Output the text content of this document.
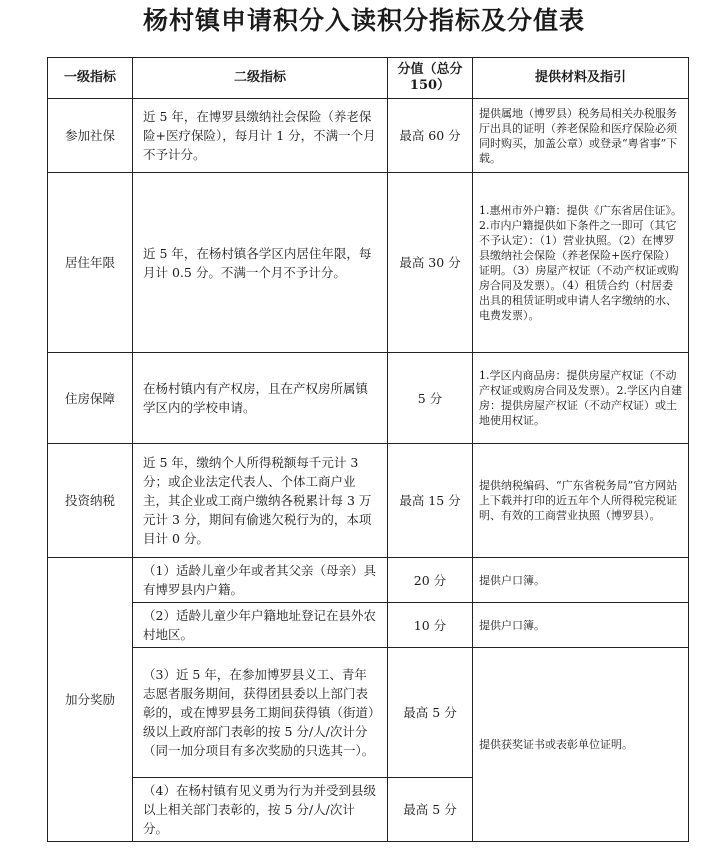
杨村镇申请积分入读积分指标及分值表
一级指标	二级指标	分值（总分 150）	提供材料及指引
参加社保	近 5 年，在博罗县缴纳社会保险（养老保险+医疗保险），每月计 1 分，不满一个月不予计分。	最高 60 分	提供属地（博罗县）税务局相关办税服务厅出具的证明（养老保险和医疗保险必须同时购买，加盖公章）或登录“粤省事”下载。

居住年限	近 5 年，在杨村镇各学区内居住年限，每月计 0.5 分。不满一个月不予计分。	最高 30 分	1.惠州市外户籍：提供《广东省居住证》。2.市内户籍提供如下条件之一即可（其它不予认定）：（1）营业执照。（2）在博罗县缴纳社会保险（养老保险+医疗保险）证明。（3）房屋产权证（不动产权证或购房合同及发票）。（4）租赁合约（村居委出具的租赁证明或申请人名字缴纳的水、电费发票）。

住房保障	在杨村镇内有产权房，且在产权房所属镇学区内的学校申请。	5 分	1.学区内商品房：提供房屋产权证（不动产权证或购房合同及发票）。2.学区内自建房：提供房屋产权证（不动产权证）或土地使用权证。

投资纳税	近 5 年，缴纳个人所得税额每千元计 3 分；或企业法定代表人、个体工商户业主，其企业或工商户缴纳各税累计每 3 万元计 3 分，期间有偷逃欠税行为的，本项目计 0 分。	最高 15 分	提供纳税编码、“广东省税务局”官方网站上下载并打印的近五年个人所得税完税证明、有效的工商营业执照（博罗县）。

加分奖励	（1）适龄儿童少年或者其父亲（母亲）具有博罗县内户籍。	20 分	提供户口簿。
	（2）适龄儿童少年户籍地址登记在县外农村地区。	10 分	提供户口簿。
	（3）近 5 年，在参加博罗县义工、青年志愿者服务期间，获得团县委以上部门表彰的，或在博罗县务工期间获得镇（街道）级以上政府部门表彰的按 5 分/人/次计分（同一加分项目有多次奖励的只选其一）。	最高 5 分	提供获奖证书或表彰单位证明。
	（4）在杨村镇有见义勇为行为并受到县级以上相关部门表彰的，按 5 分/人/次计分。	最高 5 分	
